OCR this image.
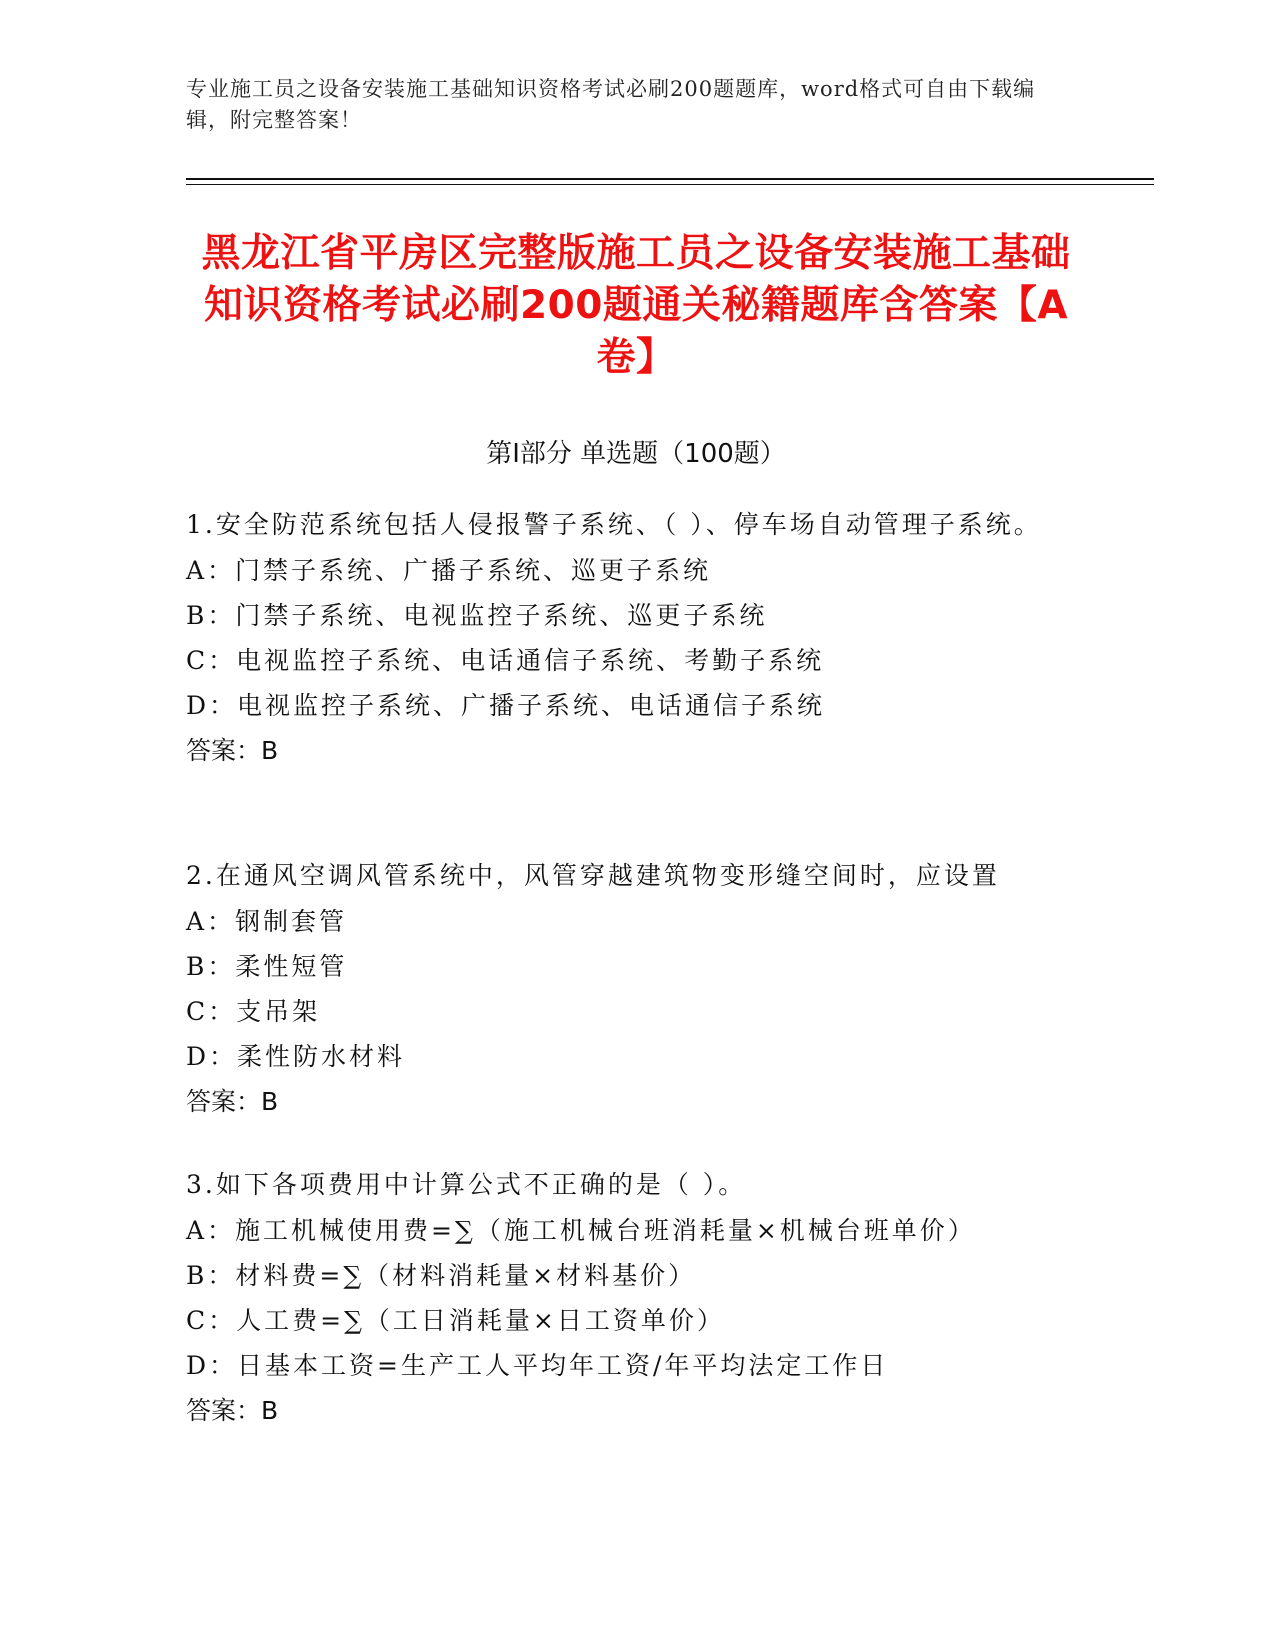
专业施工员之设备安装施工基础知识资格考试必刷200题题库，word格式可自由下载编辑，附完整答案！
黑龙江省平房区完整版施工员之设备安装施工基础知识资格考试必刷200题通关秘籍题库含答案【A卷】
第Ⅰ部分 单选题（100题）
1.安全防范系统包括人侵报警子系统、（ ）、停车场自动管理子系统。
A：门禁子系统、广播子系统、巡更子系统
B：门禁子系统、电视监控子系统、巡更子系统
C：电视监控子系统、电话通信子系统、考勤子系统
D：电视监控子系统、广播子系统、电话通信子系统
答案：B
2.在通风空调风管系统中，风管穿越建筑物变形缝空间时，应设置
A：钢制套管
B：柔性短管
C：支吊架
D：柔性防水材料
答案：B
3.如下各项费用中计算公式不正确的是（ ）。
A：施工机械使用费=∑（施工机械台班消耗量×机械台班单价）
B：材料费=∑（材料消耗量×材料基价）
C：人工费=∑（工日消耗量×日工资单价）
D：日基本工资=生产工人平均年工资/年平均法定工作日
答案：B
